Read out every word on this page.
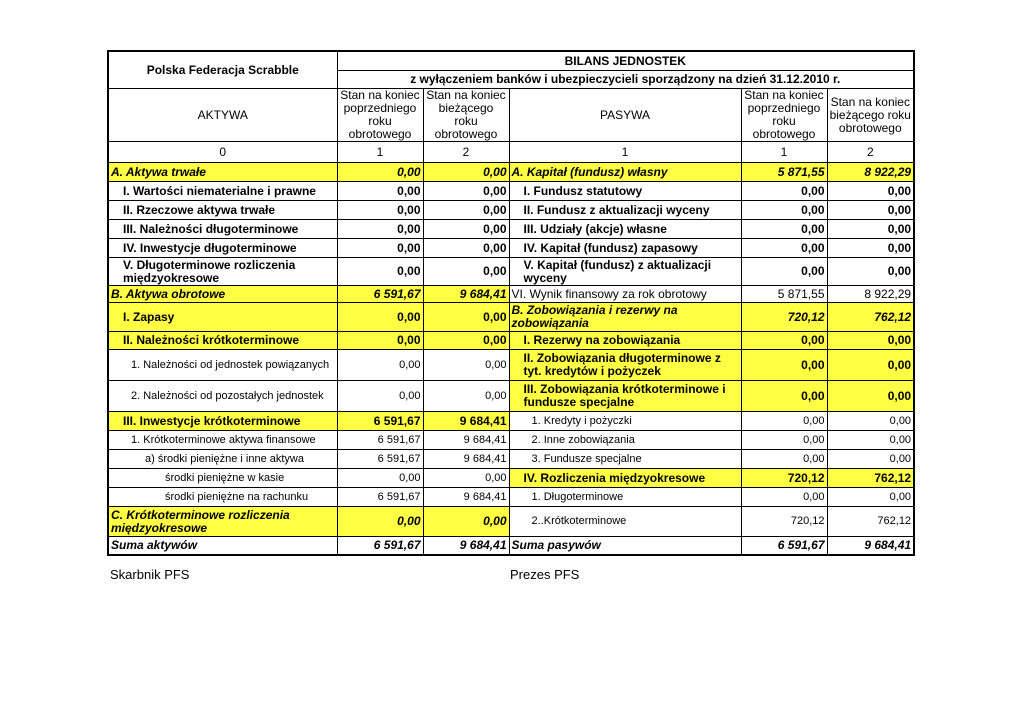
Polska Federacja Scrabble	BILANS JEDNOSTEK				
	z wyłączeniem banków i ubezpieczycieli sporządzony na dzień 31.12.2010 r.				
AKTYWA	Stan na koniec poprzedniego roku obrotowego	Stan na koniec bieżącego roku obrotowego	PASYWA	Stan na koniec poprzedniego roku obrotowego	Stan na koniec bieżącego roku obrotowego
0	1	2	1	1	2
A. Aktywa trwałe	0,00	0,00	A. Kapitał (fundusz) własny	5 871,55	8 922,29
I. Wartości niematerialne i prawne	0,00	0,00	I. Fundusz statutowy	0,00	0,00
II. Rzeczowe aktywa trwałe	0,00	0,00	II. Fundusz z aktualizacji wyceny	0,00	0,00
III. Należności długoterminowe	0,00	0,00	III. Udziały (akcje) własne	0,00	0,00
IV. Inwestycje długoterminowe	0,00	0,00	IV. Kapitał (fundusz) zapasowy	0,00	0,00
V. Długoterminowe rozliczenia międzyokresowe	0,00	0,00	V. Kapitał (fundusz) z aktualizacji wyceny	0,00	0,00
B. Aktywa obrotowe	6 591,67	9 684,41	VI. Wynik finansowy za rok obrotowy	5 871,55	8 922,29
I. Zapasy	0,00	0,00	B. Zobowiązania i rezerwy na zobowiązania	720,12	762,12
II. Należności krótkoterminowe	0,00	0,00	I. Rezerwy na zobowiązania	0,00	0,00
1. Należności od jednostek powiązanych	0,00	0,00	II. Zobowiązania długoterminowe z tyt. kredytów i pożyczek	0,00	0,00
2. Należności od pozostałych jednostek	0,00	0,00	III. Zobowiązania krótkoterminowe i fundusze specjalne	0,00	0,00
III. Inwestycje krótkoterminowe	6 591,67	9 684,41	1. Kredyty i pożyczki	0,00	0,00
1. Krótkoterminowe aktywa finansowe	6 591,67	9 684,41	2. Inne zobowiązania	0,00	0,00
a) środki pieniężne i inne aktywa	6 591,67	9 684,41	3. Fundusze specjalne	0,00	0,00
środki pieniężne w kasie	0,00	0,00	IV. Rozliczenia międzyokresowe	720,12	762,12
środki pieniężne na rachunku	6 591,67	9 684,41	1. Długoterminowe	0,00	0,00
C. Krótkoterminowe rozliczenia międzyokresowe	0,00	0,00	2..Krótkoterminowe	720,12	762,12
Suma aktywów	6 591,67	9 684,41	Suma pasywów	6 591,67	9 684,41
Skarbnik PFS	Prezes PFS
